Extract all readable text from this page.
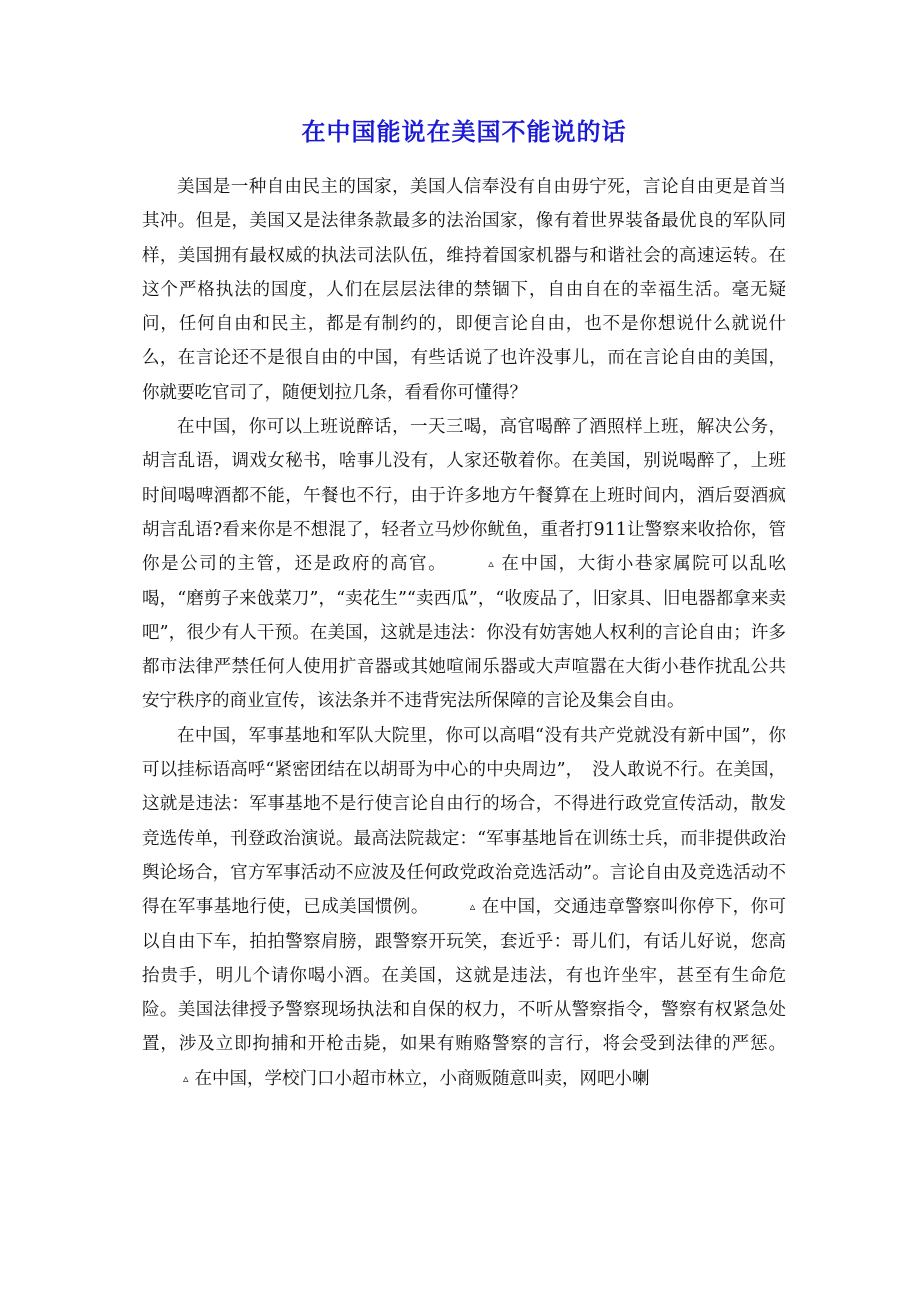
在中国能说在美国不能说的话

美国是一种自由民主的国家，美国人信奉没有自由毋宁死，言论自由更是首当其冲。但是，美国又是法律条款最多的法治国家，像有着世界装备最优良的军队同样，美国拥有最权威的执法司法队伍，维持着国家机器与和谐社会的高速运转。在这个严格执法的国度，人们在层层法律的禁锢下，自由自在的幸福生活。毫无疑问，任何自由和民主，都是有制约的，即便言论自由，也不是你想说什么就说什么，在言论还不是很自由的中国，有些话说了也许没事儿，而在言论自由的美国，你就要吃官司了，随便划拉几条，看看你可懂得？

在中国，你可以上班说醉话，一天三喝，高官喝醉了酒照样上班，解决公务，胡言乱语，调戏女秘书，啥事儿没有，人家还敬着你。在美国，别说喝醉了，上班时间喝啤酒都不能，午餐也不行，由于许多地方午餐算在上班时间内，酒后耍酒疯胡言乱语?看来你是不想混了，轻者立马炒你鱿鱼，重者打911让警察来收拾你，管你是公司的主管，还是政府的高官。	▵ 在中国，大街小巷家属院可以乱吆喝，“磨剪子来戗菜刀”，“卖花生”“卖西瓜”，“收废品了，旧家具、旧电器都拿来卖吧”，很少有人干预。在美国，这就是违法：你没有妨害她人权利的言论自由；许多都市法律严禁任何人使用扩音器或其她喧闹乐器或大声喧嚣在大街小巷作扰乱公共安宁秩序的商业宣传，该法条并不违背宪法所保障的言论及集会自由。

在中国，军事基地和军队大院里，你可以高唱“没有共产党就没有新中国”，你可以挂标语高呼“紧密团结在以胡哥为中心的中央周边”，　没人敢说不行。在美国，这就是违法：军事基地不是行使言论自由行的场合，不得进行政党宣传活动，散发竞选传单，刊登政治演说。最高法院裁定：“军事基地旨在训练士兵，而非提供政治舆论场合，官方军事活动不应波及任何政党政治竞选活动”。言论自由及竞选活动不得在军事基地行使，已成美国惯例。	▵ 在中国，交通违章警察叫你停下，你可以自由下车，拍拍警察肩膀，跟警察开玩笑，套近乎：哥儿们，有话儿好说，您高抬贵手，明儿个请你喝小酒。在美国，这就是违法，有也许坐牢，甚至有生命危险。美国法律授予警察现场执法和自保的权力，不听从警察指令，警察有权紧急处置，涉及立即拘捕和开枪击毙，如果有贿赂警察的言行，将会受到法律的严惩。▵ 在中国，学校门口小超市林立，小商贩随意叫卖，网吧小喇
